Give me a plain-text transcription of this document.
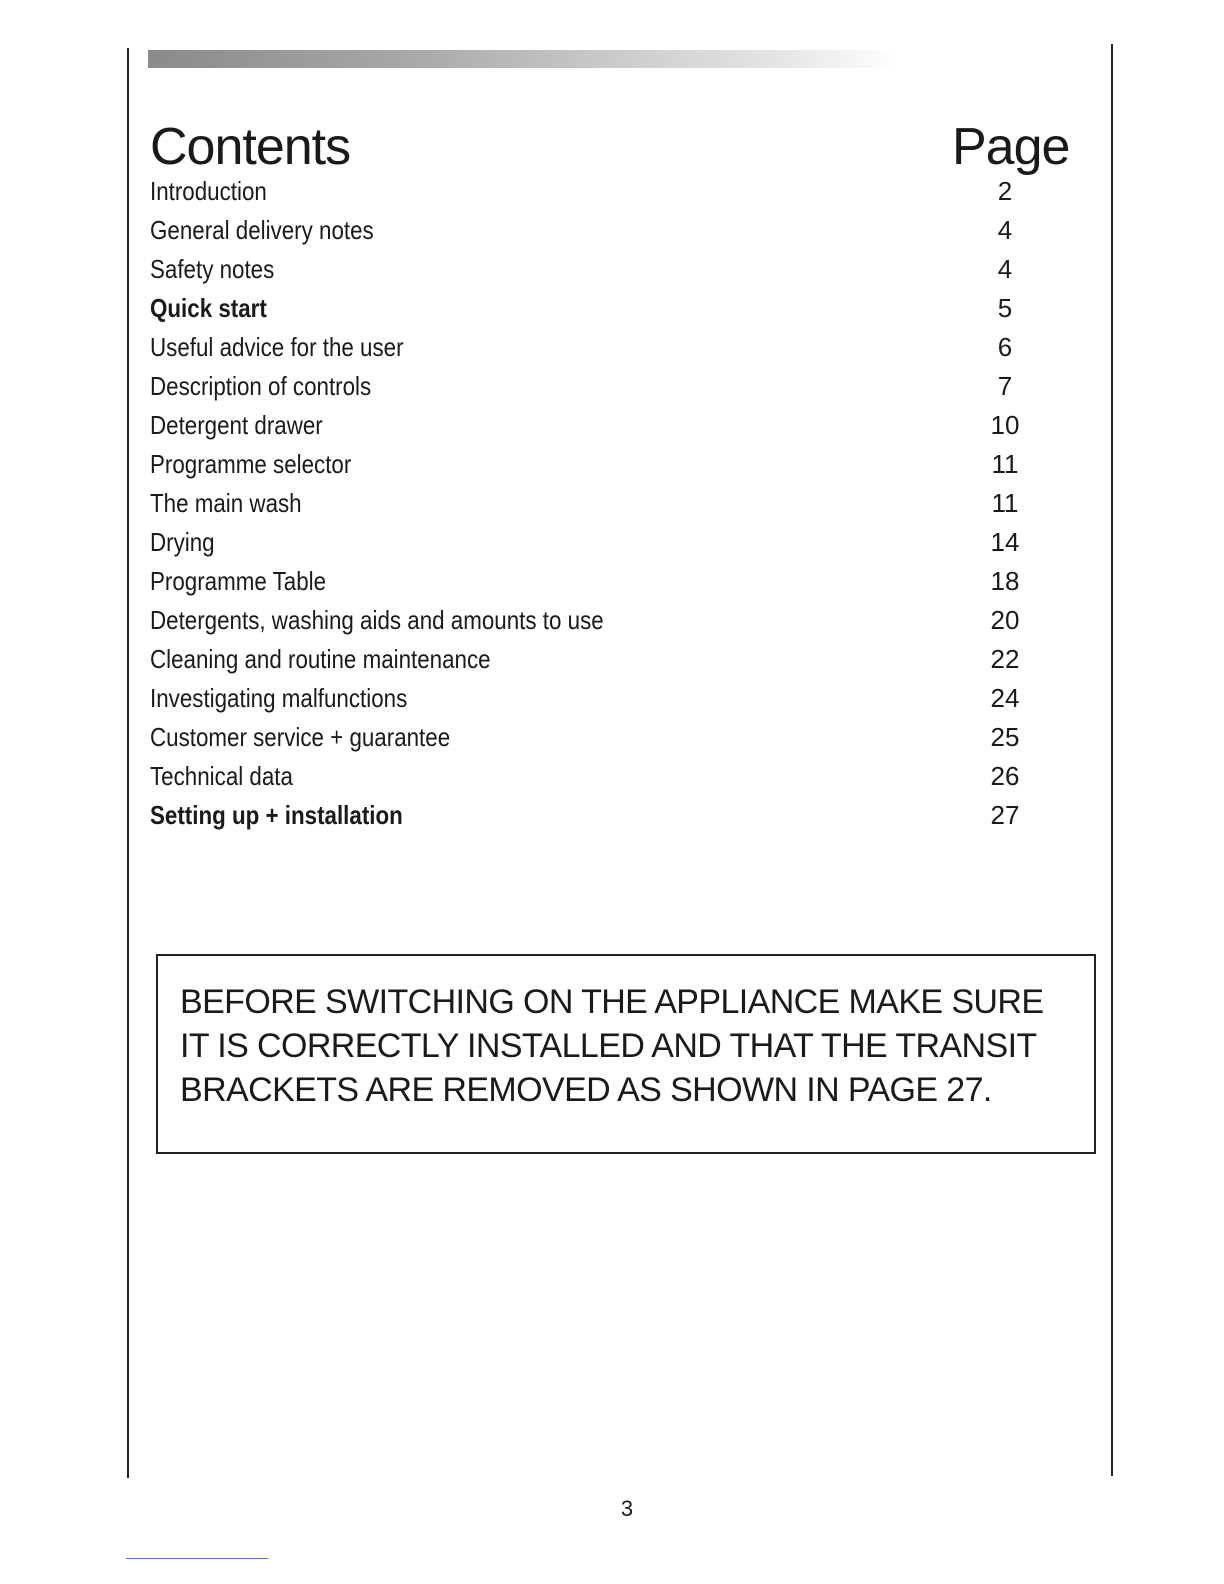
Contents	Page
Introduction	2
General delivery notes	4
Safety notes	4
Quick start	5
Useful advice for the user	6
Description of controls	7
Detergent drawer	10
Programme selector	11
The main wash	11
Drying	14
Programme Table	18
Detergents, washing aids and amounts to use	20
Cleaning and routine maintenance	22
Investigating malfunctions	24
Customer service + guarantee	25
Technical data	26
Setting up + installation	27

BEFORE SWITCHING ON THE APPLIANCE MAKE SURE

IT IS CORRECTLY INSTALLED AND THAT THE TRANSIT

BRACKETS ARE REMOVED AS SHOWN IN PAGE 27.

3
